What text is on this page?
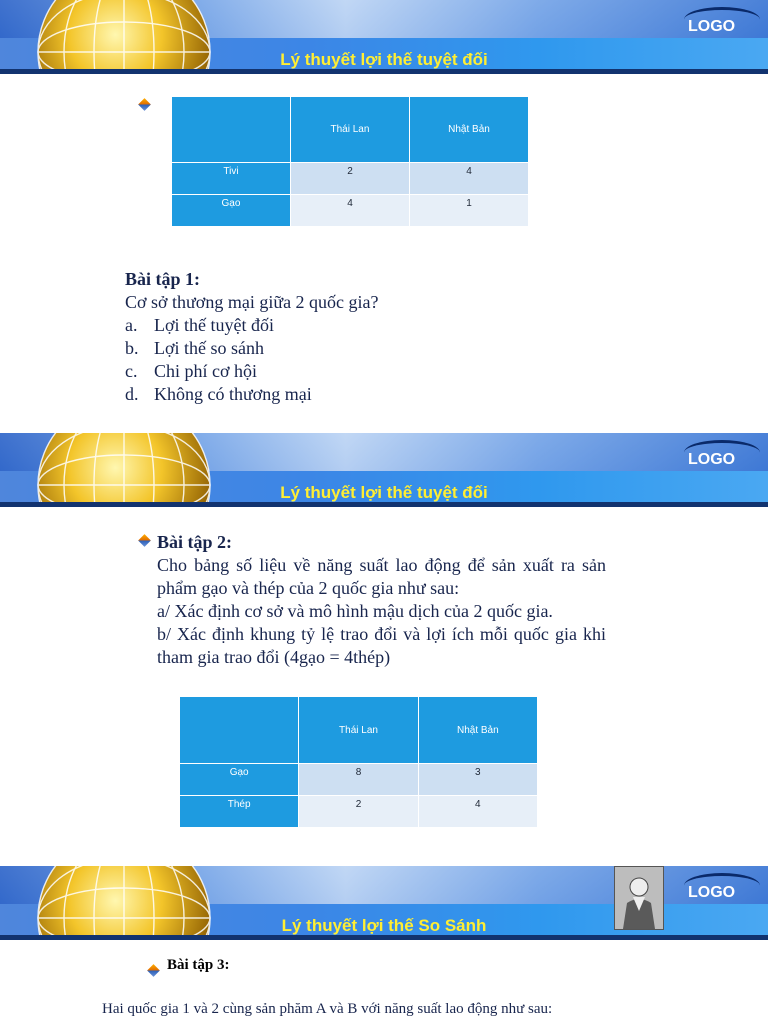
LOGO
Lý thuyết lợi thế tuyệt đối
	Thái Lan	Nhật Bản
Tivi	2	4
Gạo	4	1
Bài tập 1:
Cơ sở thương mại giữa 2 quốc gia?
a. Lợi thế tuyệt đối
b. Lợi thế so sánh
c. Chi phí cơ hội
d. Không có thương mại
LOGO
Lý thuyết lợi thế tuyệt đối
Bài tập 2:
Cho bảng số liệu về năng suất lao động để sản xuất ra sản phẩm gạo và thép của 2 quốc gia như sau:
a/ Xác định cơ sở và mô hình mậu dịch của 2 quốc gia.
b/ Xác định khung tỷ lệ trao đổi và lợi ích mỗi quốc gia khi tham gia trao đổi (4gạo = 4thép)
	Thái Lan	Nhật Bản
Gạo	8	3
Thép	2	4
LOGO
Lý thuyết lợi thế So Sánh
Bài tập 3:
Hai quốc gia 1 và 2 cùng sản phăm A và B với năng suất lao động như sau:
